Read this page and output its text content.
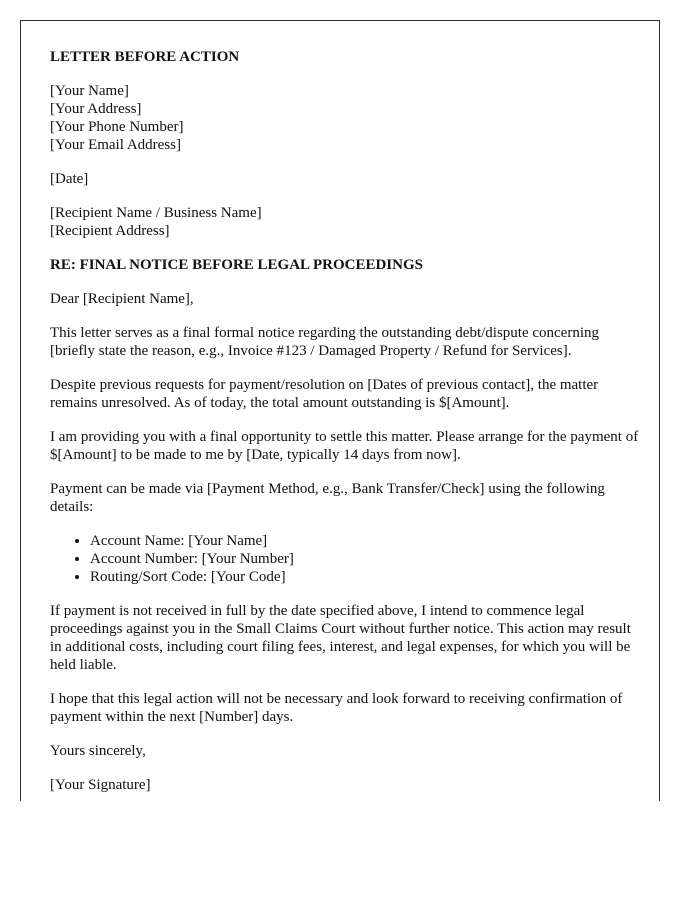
LETTER BEFORE ACTION
[Your Name]
[Your Address]
[Your Phone Number]
[Your Email Address]
[Date]
[Recipient Name / Business Name]
[Recipient Address]
RE: FINAL NOTICE BEFORE LEGAL PROCEEDINGS

Dear [Recipient Name],

This letter serves as a final formal notice regarding the outstanding debt/dispute concerning [briefly state the reason, e.g., Invoice #123 / Damaged Property / Refund for Services].

Despite previous requests for payment/resolution on [Dates of previous contact], the matter remains unresolved. As of today, the total amount outstanding is $[Amount].

I am providing you with a final opportunity to settle this matter. Please arrange for the payment of $[Amount] to be made to me by [Date, typically 14 days from now].

Payment can be made via [Payment Method, e.g., Bank Transfer/Check] using the following details:

• Account Name: [Your Name]
• Account Number: [Your Number]
• Routing/Sort Code: [Your Code]

If payment is not received in full by the date specified above, I intend to commence legal proceedings against you in the Small Claims Court without further notice. This action may result in additional costs, including court filing fees, interest, and legal expenses, for which you will be held liable.

I hope that this legal action will not be necessary and look forward to receiving confirmation of payment within the next [Number] days.

Yours sincerely,

[Your Signature]
